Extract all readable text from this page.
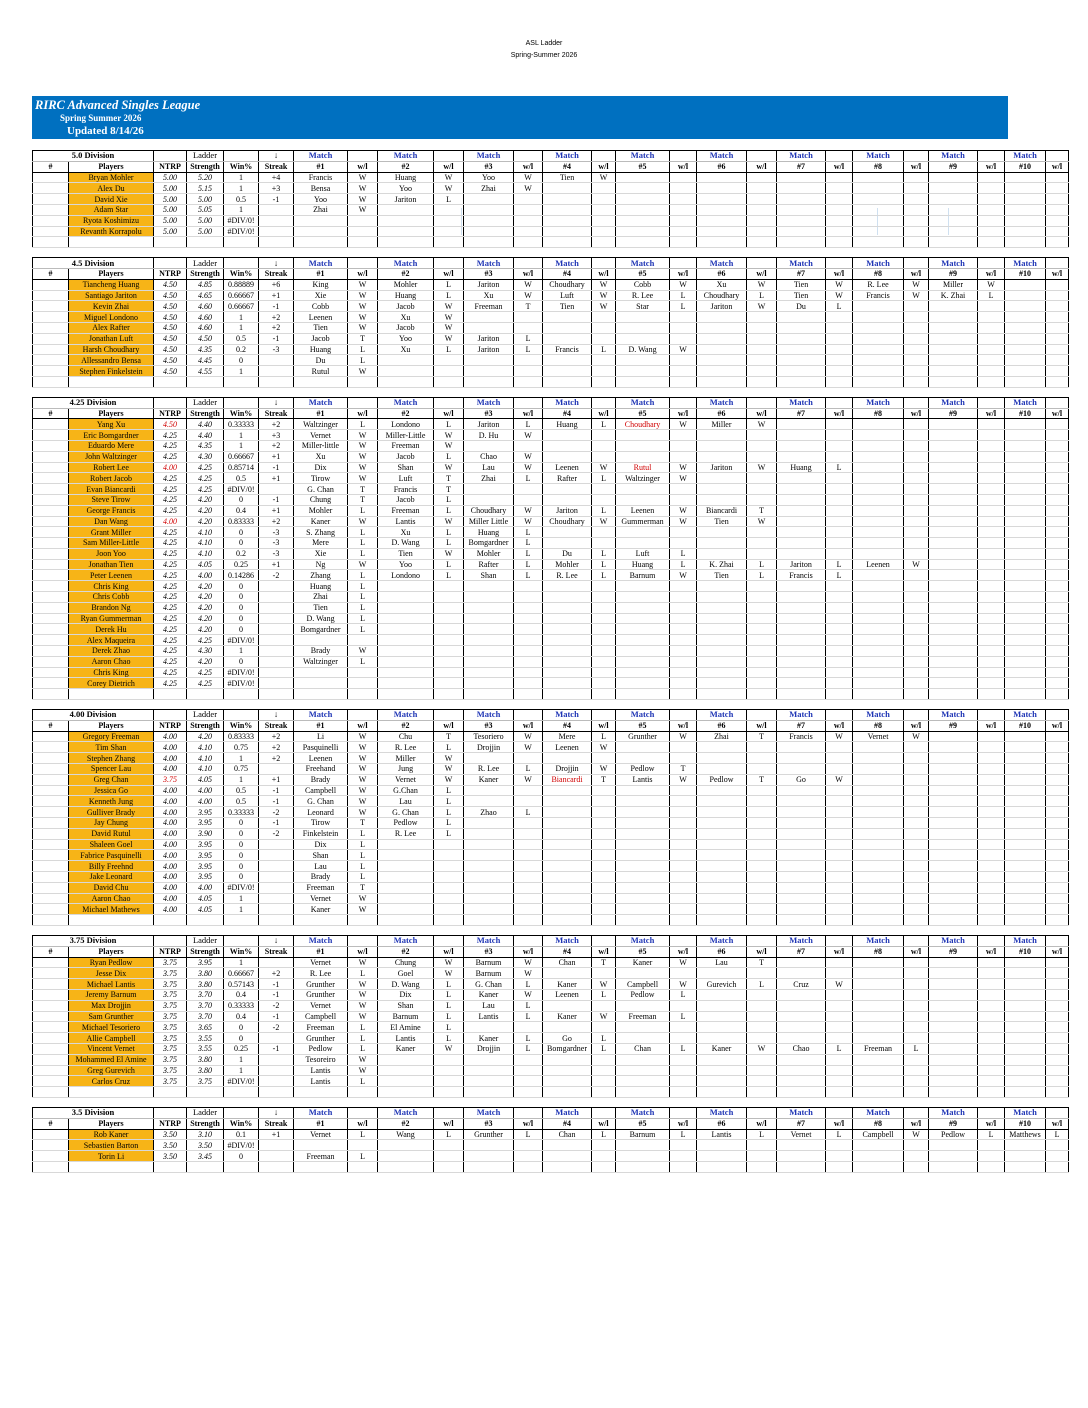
ASL Ladder
Spring-Summer 2026
RIRC Advanced Singles League
Spring Summer 2026
Updated 8/14/26
5.0 Division			Ladder		↓	Match		Match		Match		Match		Match		Match		Match		Match		Match		Match	
#	Players	NTRP	Strength	Win%	Streak	#1	w/l	#2	w/l	#3	w/l	#4	w/l	#5	w/l	#6	w/l	#7	w/l	#8	w/l	#9	w/l	#10	w/l
	Bryan Mohler	5.00	5.20	1	+4	Francis	W	Huang	W	Yoo	W	Tien	W												
	Alex Du	5.00	5.15	1	+3	Bensa	W	Yoo	W	Zhai	W														
	David Xie	5.00	5.00	0.5	-1	Yoo	W	Jariton	L																
	Adam Star	5.00	5.05	1		Zhai	W																		
	Ryota Koshimizu	5.00	5.00	#DIV/0!																					
	Revanth Korrapolu	5.00	5.00	#DIV/0!																					

4.5 Division			Ladder		↓	Match		Match		Match		Match		Match		Match		Match		Match		Match		Match	
#	Players	NTRP	Strength	Win%	Streak	#1	w/l	#2	w/l	#3	w/l	#4	w/l	#5	w/l	#6	w/l	#7	w/l	#8	w/l	#9	w/l	#10	w/l
	Tiancheng Huang	4.50	4.85	0.88889	+6	King	W	Mohler	L	Jariton	W	Choudhary	W	Cobb	W	Xu	W	Tien	W	R. Lee	W	Miller	W		
	Santiago Jariton	4.50	4.65	0.66667	+1	Xie	W	Huang	L	Xu	W	Luft	W	R. Lee	L	Choudhary	L	Tien	W	Francis	W	K. Zhai	L		
	Kevin Zhai	4.50	4.60	0.66667	-1	Cobb	W	Jacob	W	Freeman	T	Tien	W	Star	L	Jariton	W	Du	L						
	Miguel Londono	4.50	4.60	1	+2	Leenen	W	Xu	W																
	Alex Rafter	4.50	4.60	1	+2	Tien	W	Jacob	W																
	Jonathan Luft	4.50	4.50	0.5	-1	Jacob	T	Yoo	W	Jariton	L														
	Harsh Choudhary	4.50	4.35	0.2	-3	Huang	L	Xu	L	Jariton	L	Francis	L	D. Wang	W										
	Allessandro Bensa	4.50	4.45	0		Du	L																		
	Stephen Finkelstein	4.50	4.55	1		Rutul	W																		

4.25 Division			Ladder		↓	Match		Match		Match		Match		Match		Match		Match		Match		Match		Match	
#	Players	NTRP	Strength	Win%	Streak	#1	w/l	#2	w/l	#3	w/l	#4	w/l	#5	w/l	#6	w/l	#7	w/l	#8	w/l	#9	w/l	#10	w/l
	Yang Xu	4.50	4.40	0.33333	+2	Waltzinger	L	Londono	L	Jariton	L	Huang	L	Choudhary	W	Miller	W								
	Eric Bomgardner	4.25	4.40	1	+3	Vernet	W	Miller-Little	W	D. Hu	W														
	Eduardo Mere	4.25	4.35	1	+2	Miller-little	W	Freeman	W																
	John Waltzinger	4.25	4.30	0.66667	+1	Xu	W	Jacob	L	Chao	W														
	Robert Lee	4.00	4.25	0.85714	-1	Dix	W	Shan	W	Lau	W	Leenen	W	Rutul	W	Jariton	W	Huang	L						
	Robert Jacob	4.25	4.25	0.5	+1	Tirow	W	Luft	T	Zhai	L	Rafter	L	Waltzinger	W										
	Evan Biancardi	4.25	4.25	#DIV/0!		G. Chan	T	Francis	T																
	Steve Tirow	4.25	4.20	0	-1	Chung	T	Jacob	L																
	George Francis	4.25	4.20	0.4	+1	Mohler	L	Freeman	L	Choudhary	W	Jariton	L	Leenen	W	Biancardi	T								
	Dan Wang	4.00	4.20	0.83333	+2	Kaner	W	Lantis	W	Miller Little	W	Choudhary	W	Gummerman	W	Tien	W								
	Grant Miller	4.25	4.10	0	-3	S. Zhang	L	Xu	L	Huang	L														
	Sam Miller-Little	4.25	4.10	0	-3	Mere	L	D. Wang	L	Bomgardner	L														
	Joon Yoo	4.25	4.10	0.2	-3	Xie	L	Tien	W	Mohler	L	Du	L	Luft	L										
	Jonathan Tien	4.25	4.05	0.25	+1	Ng	W	Yoo	L	Rafter	L	Mohler	L	Huang	L	K. Zhai	L	Jariton	L	Leenen	W				
	Peter Leenen	4.25	4.00	0.14286	-2	Zhang	L	Londono	L	Shan	L	R. Lee	L	Barnum	W	Tien	L	Francis	L						
	Chris King	4.25	4.20	0		Huang	L																		
	Chris Cobb	4.25	4.20	0		Zhai	L																		
	Brandon Ng	4.25	4.20	0		Tien	L																		
	Ryan Gummerman	4.25	4.20	0		D. Wang	L																		
	Derek Hu	4.25	4.20	0		Bomgardner	L																		
	Alex Maqueira	4.25	4.25	#DIV/0!																					
	Derek Zhao	4.25	4.30	1		Brady	W																		
	Aaron Chao	4.25	4.20	0		Waltzinger	L																		
	Chris King	4.25	4.25	#DIV/0!																					
	Corey Dietrich	4.25	4.25	#DIV/0!																					

4.00 Division			Ladder		↓	Match		Match		Match		Match		Match		Match		Match		Match		Match		Match	
#	Players	NTRP	Strength	Win%	Streak	#1	w/l	#2	w/l	#3	w/l	#4	w/l	#5	w/l	#6	w/l	#7	w/l	#8	w/l	#9	w/l	#10	w/l
	Gregory Freeman	4.00	4.20	0.83333	+2	Li	W	Chu	T	Tesoriero	W	Mere	L	Grunther	W	Zhai	T	Francis	W	Vernet	W				
	Tim Shan	4.00	4.10	0.75	+2	Pasquinelli	W	R. Lee	L	Drojjin	W	Leenen	W												
	Stephen Zhang	4.00	4.10	1	+2	Leenen	W	Miller	W																
	Spencer Lau	4.00	4.10	0.75		Freehand	W	Jung	W	R. Lee	L	Drojjin	W	Pedlow	T										
	Greg Chan	3.75	4.05	1	+1	Brady	W	Vernet	W	Kaner	W	Biancardi	T	Lantis	W	Pedlow	T	Go	W						
	Jessica Go	4.00	4.00	0.5	-1	Campbell	W	G.Chan	L																
	Kenneth Jung	4.00	4.00	0.5	-1	G. Chan	W	Lau	L																
	Gulliver Brady	4.00	3.95	0.33333	-2	Leonard	W	G. Chan	L	Zhao	L														
	Jay Chung	4.00	3.95	0	-1	Tirow	T	Pedlow	L																
	David Rutul	4.00	3.90	0	-2	Finkelstein	L	R. Lee	L																
	Shaleen Goel	4.00	3.95	0		Dix	L																		
	Fabrice Pasquinelli	4.00	3.95	0		Shan	L																		
	Billy Freehnd	4.00	3.95	0		Lau	L																		
	Jake Leonard	4.00	3.95	0		Brady	L																		
	David Chu	4.00	4.00	#DIV/0!		Freeman	T																		
	Aaron Chao	4.00	4.05	1		Vernet	W																		
	Michael Mathews	4.00	4.05	1		Kaner	W																		

3.75 Division			Ladder		↓	Match		Match		Match		Match		Match		Match		Match		Match		Match		Match	
#	Players	NTRP	Strength	Win%	Streak	#1	w/l	#2	w/l	#3	w/l	#4	w/l	#5	w/l	#6	w/l	#7	w/l	#8	w/l	#9	w/l	#10	w/l
	Ryan Pedlow	3.75	3.95	1		Vernet	W	Chung	W	Barnum	W	Chan	T	Kaner	W	Lau	T								
	Jesse Dix	3.75	3.80	0.66667	+2	R. Lee	L	Goel	W	Barnum	W														
	Michael Lantis	3.75	3.80	0.57143	-1	Grunther	W	D. Wang	L	G. Chan	L	Kaner	W	Campbell	W	Gurevich	L	Cruz	W						
	Jeremy Barnum	3.75	3.70	0.4	-1	Grunther	W	Dix	L	Kaner	W	Leenen	L	Pedlow	L										
	Max Drojjin	3.75	3.70	0.33333	-2	Vernet	W	Shan	L	Lau	L														
	Sam Grunther	3.75	3.70	0.4	-1	Campbell	W	Barnum	L	Lantis	L	Kaner	W	Freeman	L										
	Michael Tesoriero	3.75	3.65	0	-2	Freeman	L	El Amine	L																
	Allie Campbell	3.75	3.55	0		Grunther	L	Lantis	L	Kaner	L	Go	L												
	Vincent Vernet	3.75	3.55	0.25	-1	Pedlow	L	Kaner	W	Drojjin	L	Bomgardner	L	Chan	L	Kaner	W	Chao	L	Freeman	L				
	Mohammed El Amine	3.75	3.80	1		Tesoreiro	W																		
	Greg Gurevich	3.75	3.80	1		Lantis	W																		
	Carlos Cruz	3.75	3.75	#DIV/0!		Lantis	L																		

3.5 Division			Ladder		↓	Match		Match		Match		Match		Match		Match		Match		Match		Match		Match	
#	Players	NTRP	Strength	Win%	Streak	#1	w/l	#2	w/l	#3	w/l	#4	w/l	#5	w/l	#6	w/l	#7	w/l	#8	w/l	#9	w/l	#10	w/l
	Rob Kaner	3.50	3.10	0.1	+1	Vernet	L	Wang	L	Grunther	L	Chan	L	Barnum	L	Lantis	L	Vernet	L	Campbell	W	Pedlow	L	Matthews	L
	Sebastien Barton	3.50	3.50	#DIV/0!																					
	Torin Li	3.50	3.45	0		Freeman	L																		
